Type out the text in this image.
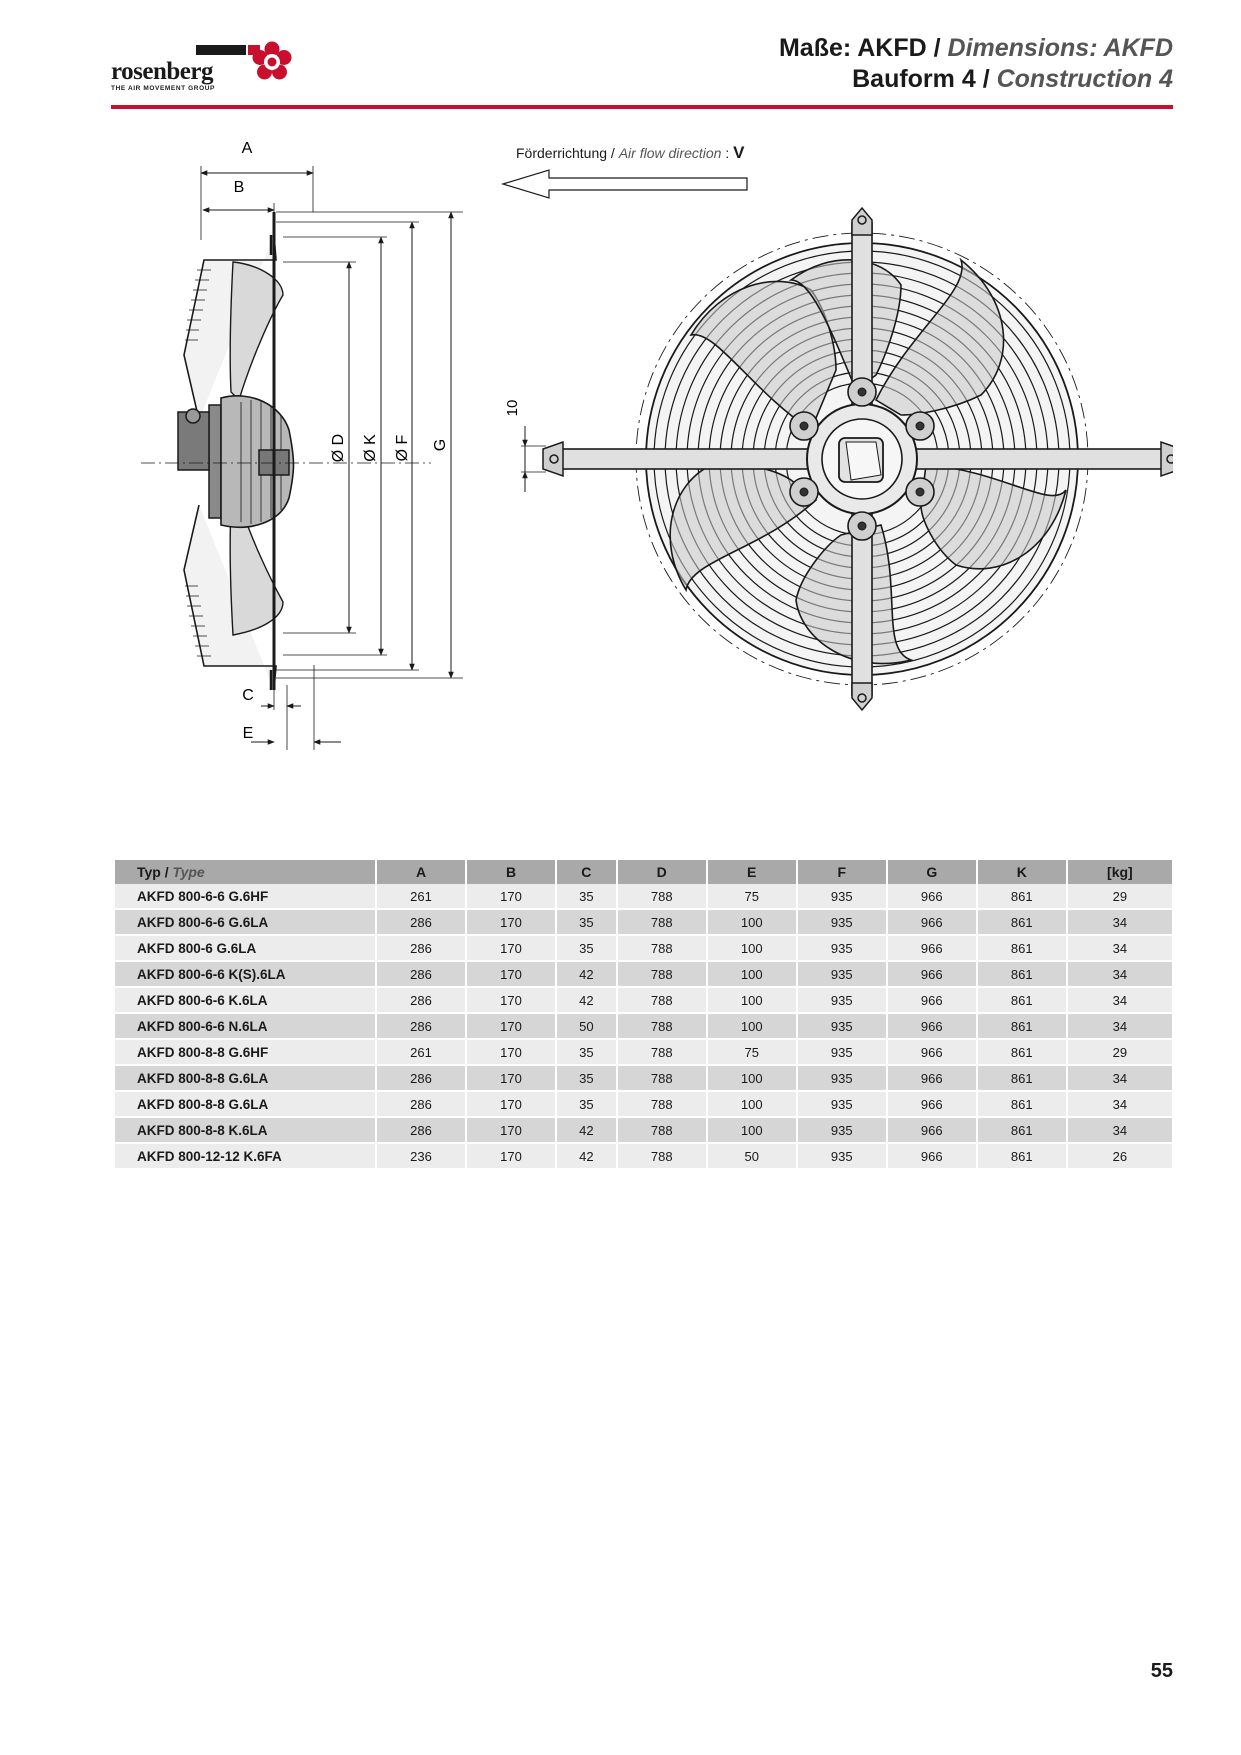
rosenberg
THE AIR MOVEMENT GROUP
Maße: AKFD / Dimensions: AKFD
Bauform 4 / Construction 4
Förderrichtung / Air flow direction : V
A
B
C
E
Ø D Ø K Ø F G
10
Typ / Type	A	B	C	D	E	F	G	K	[kg]
AKFD 800-6-6 G.6HF	261	170	35	788	75	935	966	861	29
AKFD 800-6-6 G.6LA	286	170	35	788	100	935	966	861	34
AKFD 800-6 G.6LA	286	170	35	788	100	935	966	861	34
AKFD 800-6-6 K(S).6LA	286	170	42	788	100	935	966	861	34
AKFD 800-6-6 K.6LA	286	170	42	788	100	935	966	861	34
AKFD 800-6-6 N.6LA	286	170	50	788	100	935	966	861	34
AKFD 800-8-8 G.6HF	261	170	35	788	75	935	966	861	29
AKFD 800-8-8 G.6LA	286	170	35	788	100	935	966	861	34
AKFD 800-8-8 G.6LA	286	170	35	788	100	935	966	861	34
AKFD 800-8-8 K.6LA	286	170	42	788	100	935	966	861	34
AKFD 800-12-12 K.6FA	236	170	42	788	50	935	966	861	26
55
